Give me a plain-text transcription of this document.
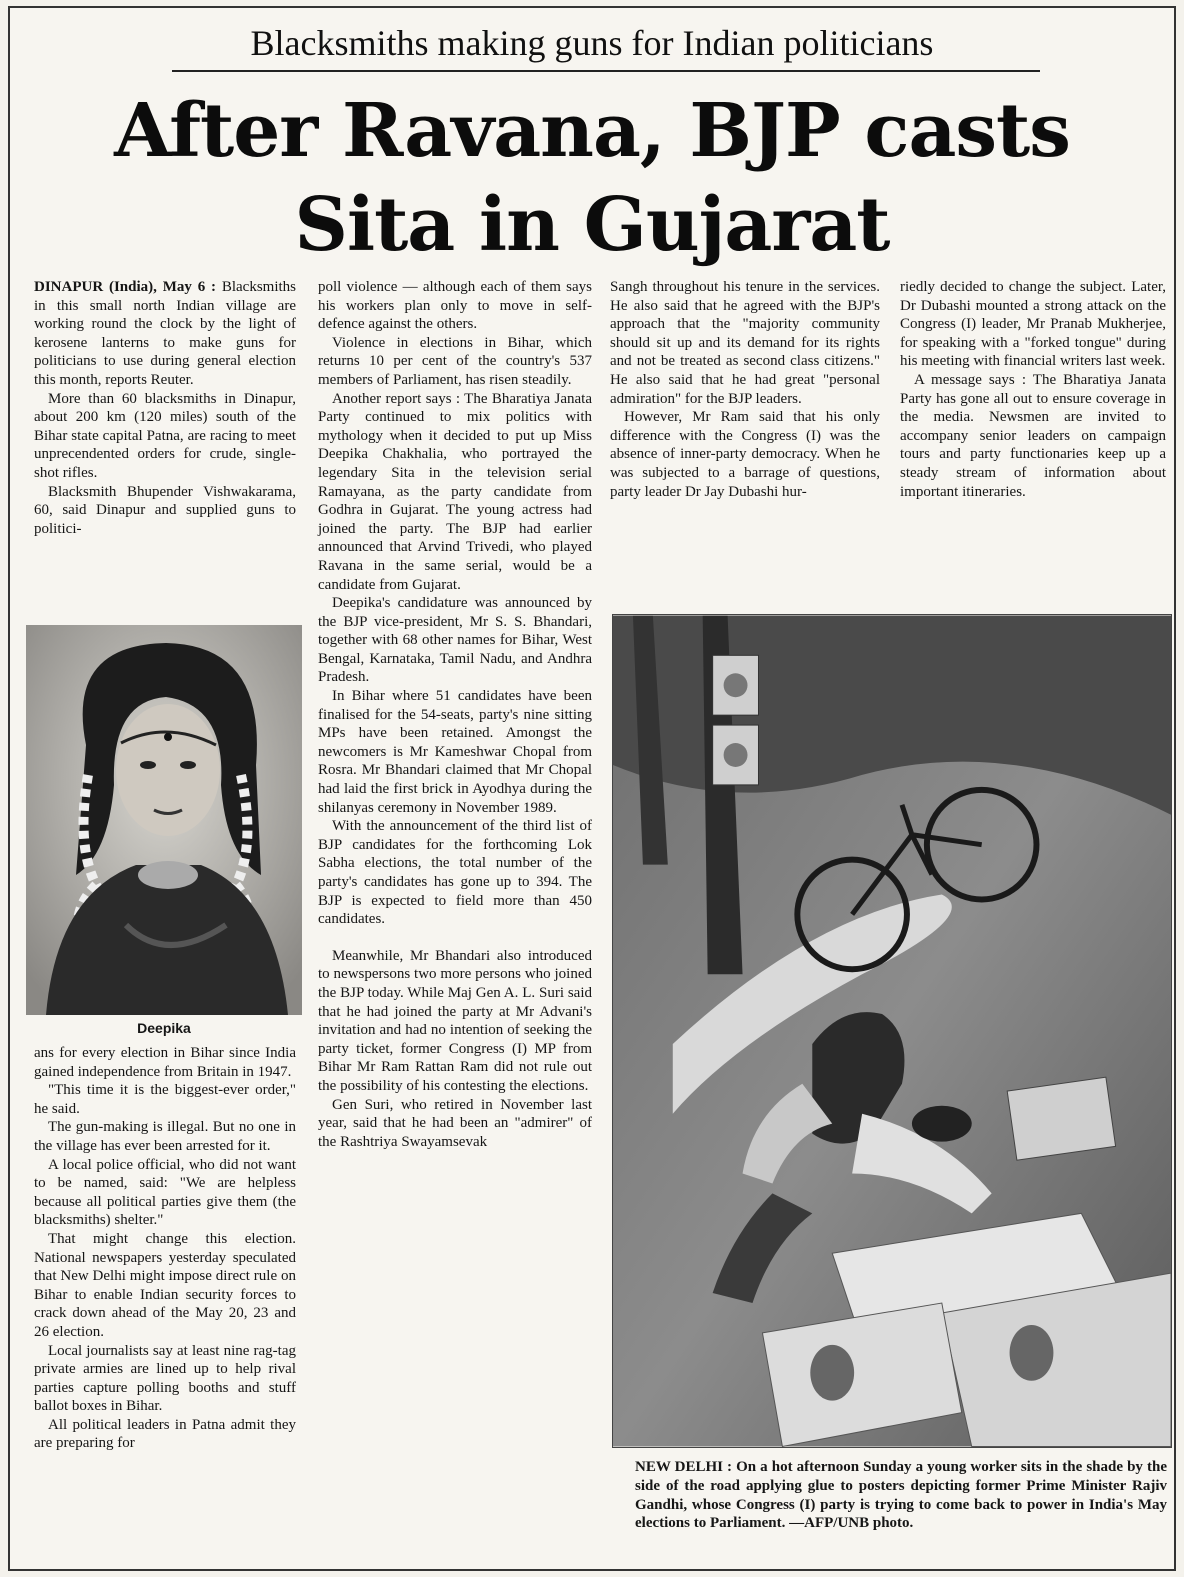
Blacksmiths making guns for Indian politicians
After Ravana, BJP casts
Sita in Gujarat

DINAPUR (India), May 6 : Blacksmiths in this small north Indian village are working round the clock by the light of kerosene lanterns to make guns for politicians to use during general election this month, reports Reuter.

More than 60 blacksmiths in Dinapur, about 200 km (120 miles) south of the Bihar state capital Patna, are racing to meet unprecendented orders for crude, single-shot rifles.

Blacksmith Bhupender Vishwakarama, 60, said Dinapur and supplied guns to politici-

Deepika

ans for every election in Bihar since India gained independence from Britain in 1947.

"This time it is the biggest-ever order," he said.

The gun-making is illegal. But no one in the village has ever been arrested for it.

A local police official, who did not want to be named, said: "We are helpless because all political parties give them (the blacksmiths) shelter."

That might change this election. National newspapers yesterday speculated that New Delhi might impose direct rule on Bihar to enable Indian security forces to crack down ahead of the May 20, 23 and 26 election.

Local journalists say at least nine rag-tag private armies are lined up to help rival parties capture polling booths and stuff ballot boxes in Bihar.

All political leaders in Patna admit they are preparing for

poll violence — although each of them says his workers plan only to move in self-defence against the others.

Violence in elections in Bihar, which returns 10 per cent of the country's 537 members of Parliament, has risen steadily.

Another report says : The Bharatiya Janata Party continued to mix politics with mythology when it decided to put up Miss Deepika Chakhalia, who portrayed the legendary Sita in the television serial Ramayana, as the party candidate from Godhra in Gujarat. The young actress had joined the party. The BJP had earlier announced that Arvind Trivedi, who played Ravana in the same serial, would be a candidate from Gujarat.

Deepika's candidature was announced by the BJP vice-president, Mr S. S. Bhandari, together with 68 other names for Bihar, West Bengal, Karnataka, Tamil Nadu, and Andhra Pradesh.

In Bihar where 51 candidates have been finalised for the 54-seats, party's nine sitting MPs have been retained. Amongst the newcomers is Mr Kameshwar Chopal from Rosra. Mr Bhandari claimed that Mr Chopal had laid the first brick in Ayodhya during the shilanyas ceremony in November 1989.

With the announcement of the third list of BJP candidates for the forthcoming Lok Sabha elections, the total number of the party's candidates has gone up to 394. The BJP is expected to field more than 450 candidates.

Meanwhile, Mr Bhandari also introduced to newspersons two more persons who joined the BJP today. While Maj Gen A. L. Suri said that he had joined the party at Mr Advani's invitation and had no intention of seeking the party ticket, former Congress (I) MP from Bihar Mr Ram Rattan Ram did not rule out the possibility of his contesting the elections.

Gen Suri, who retired in November last year, said that he had been an "admirer" of the Rashtriya Swayamsevak

Sangh throughout his tenure in the services. He also said that he agreed with the BJP's approach that the "majority community should sit up and its demand for its rights and not be treated as second class citizens." He also said that he had great "personal admiration" for the BJP leaders.

However, Mr Ram said that his only difference with the Congress (I) was the absence of inner-party democracy. When he was subjected to a barrage of questions, party leader Dr Jay Dubashi hur-

riedly decided to change the subject. Later, Dr Dubashi mounted a strong attack on the Congress (I) leader, Mr Pranab Mukherjee, for speaking with a "forked tongue" during his meeting with financial writers last week.

A message says : The Bharatiya Janata Party has gone all out to ensure coverage in the media. Newsmen are invited to accompany senior leaders on campaign tours and party functionaries keep up a steady stream of information about important itineraries.

NEW DELHI : On a hot afternoon Sunday a young worker sits in the shade by the side of the road applying glue to posters depicting former Prime Minister Rajiv Gandhi, whose Congress (I) party is trying to come back to power in India's May elections to Parliament. —AFP/UNB photo.
